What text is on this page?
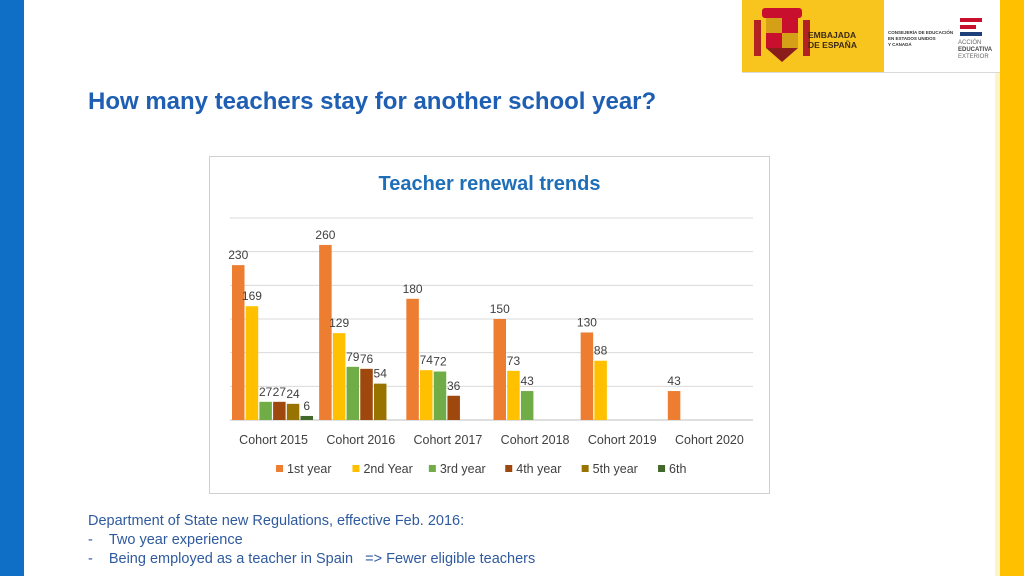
EMBAJADA
DE ESPAÑA
CONSEJERÍA DE EDUCACIÓN
EN ESTADOS UNIDOS
Y CANADÁ	ACCIÓN
EDUCATIVA
EXTERIOR
How many teachers stay for another school year?
Teacher renewal trends
230
169
27 27 24
6
Cohort 2015
260
129
79 76
54
Cohort 2016
180
74 72
36
Cohort 2017
150
73
43
Cohort 2018
130
88
Cohort 2019
43
Cohort 2020
1st year	2nd Year 3rd year 4th year 5th year 6th
Department of State new Regulations, effective Feb. 2016:
- Two year experience
- Being employed as a teacher in Spain   => Fewer eligible teachers
